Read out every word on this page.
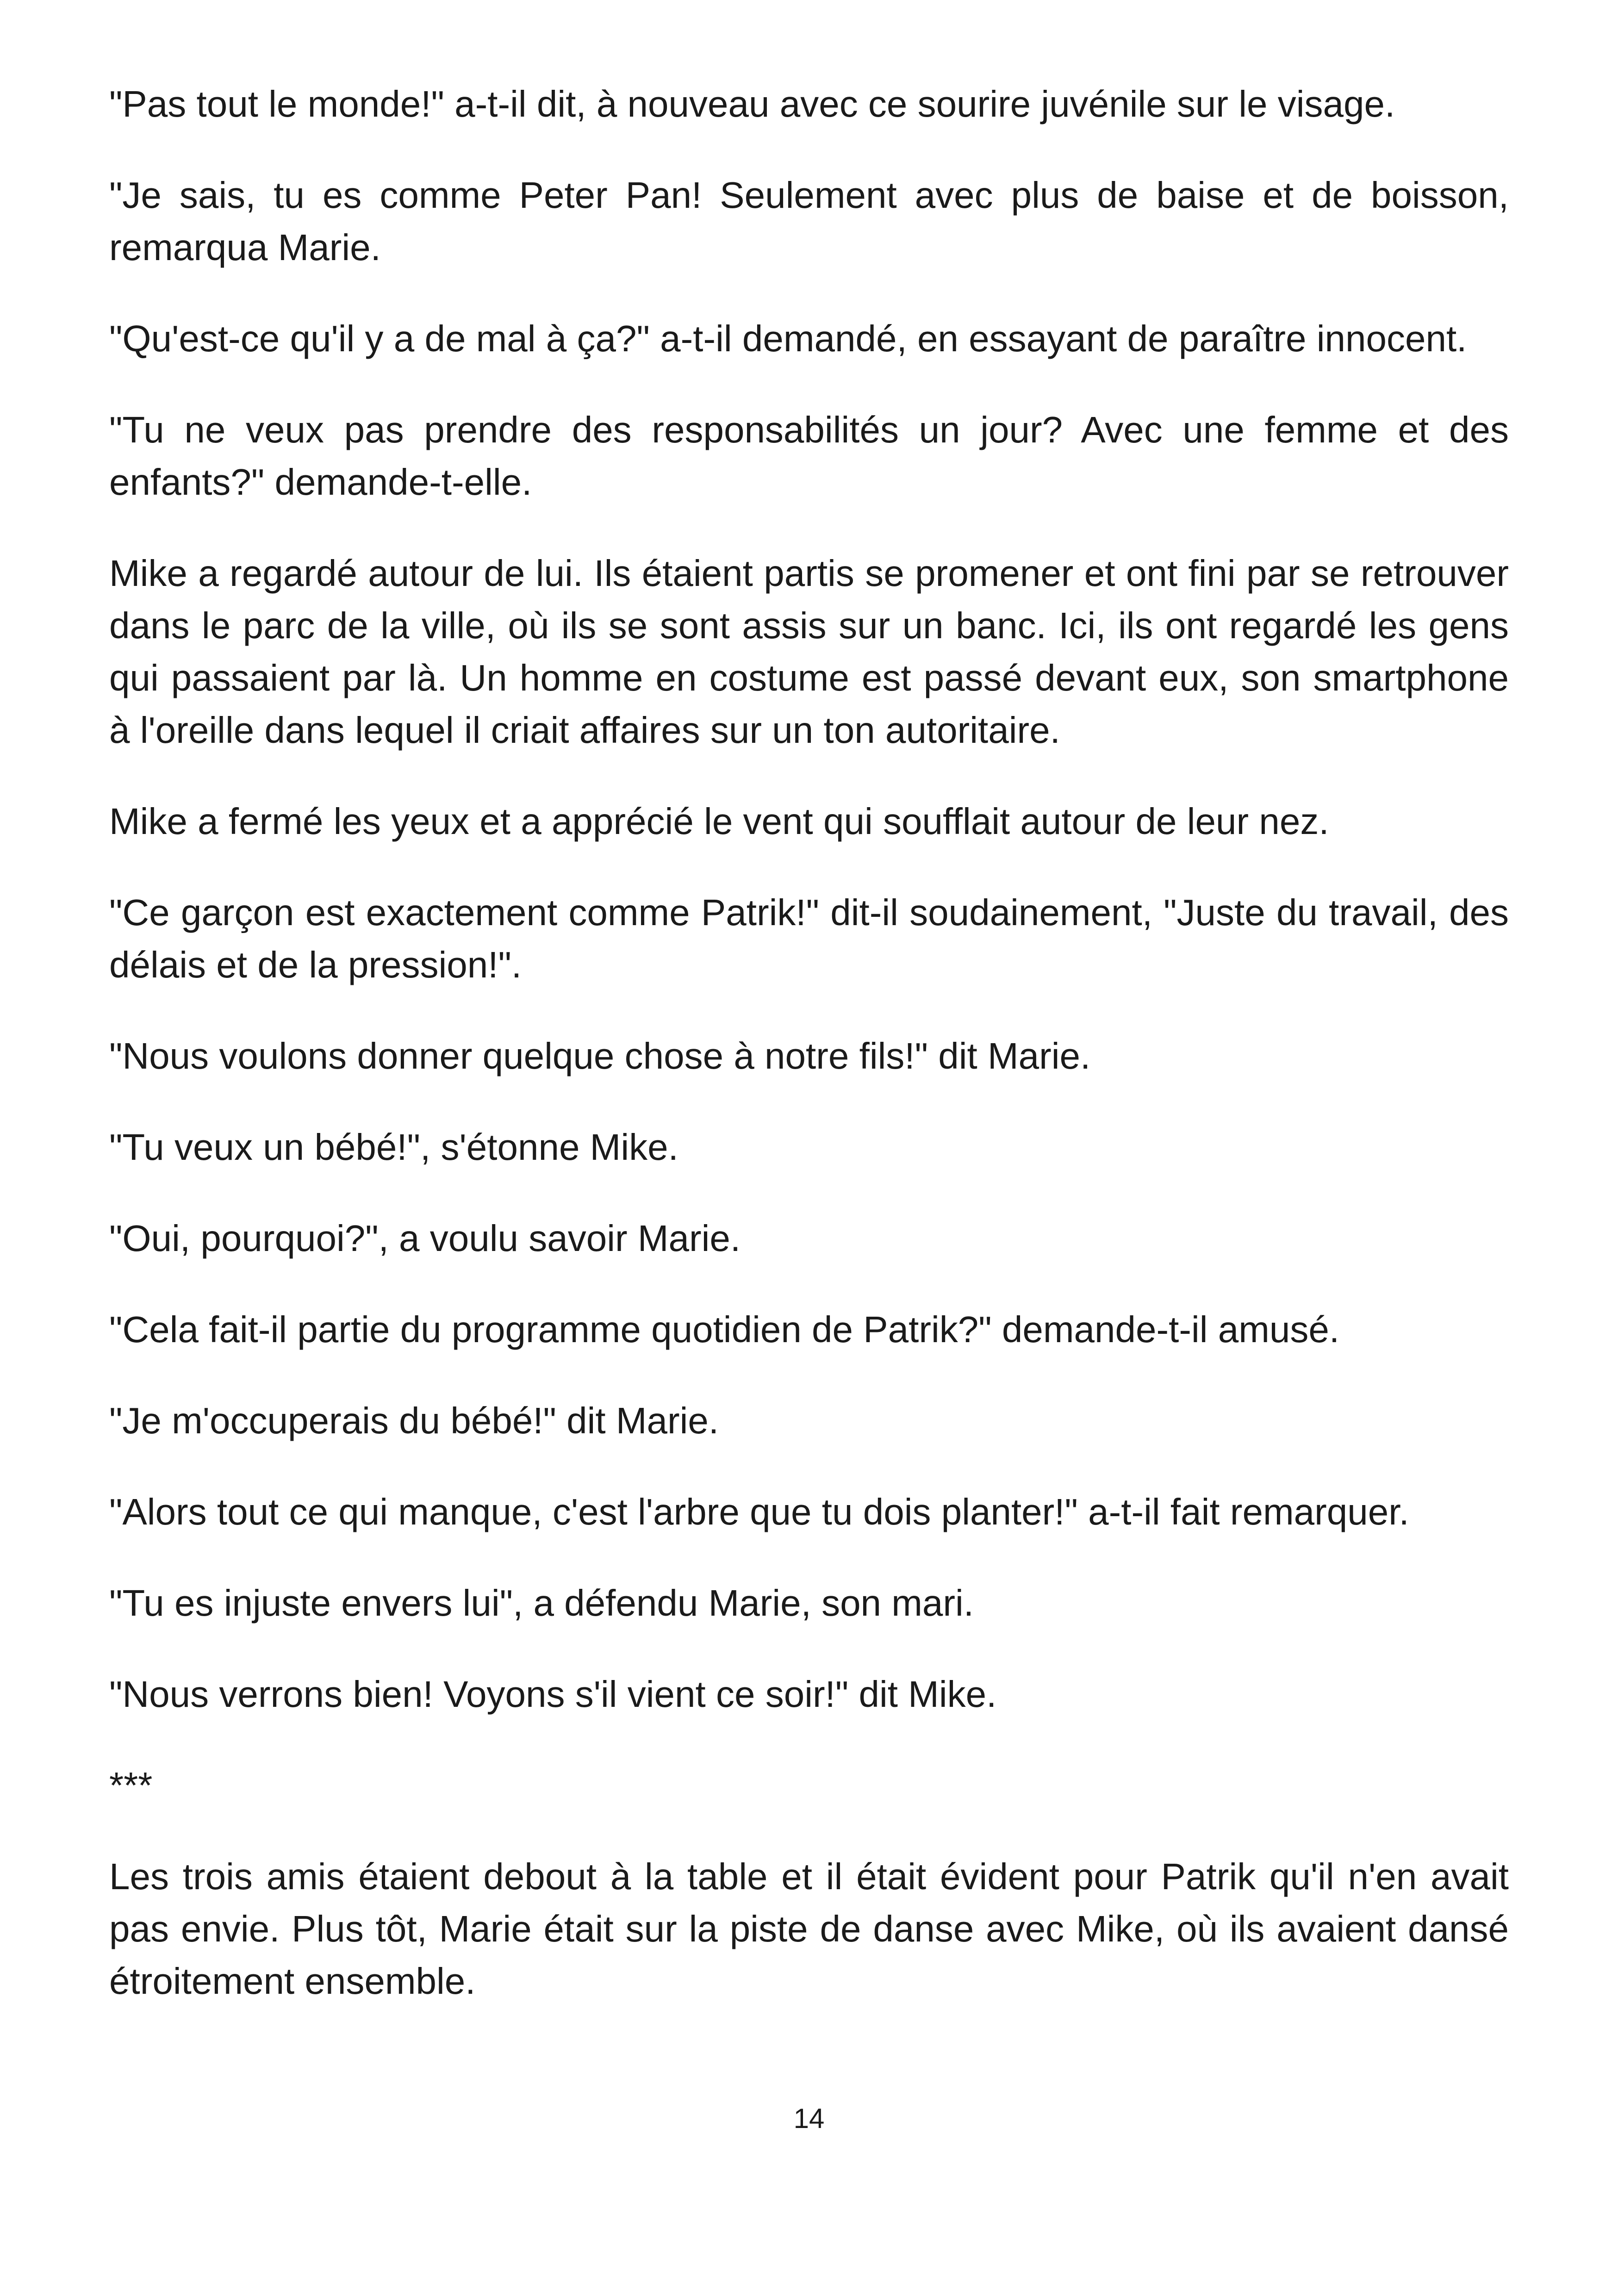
"Pas tout le monde!" a-t-il dit, à nouveau avec ce sourire juvénile sur le visage.

"Je sais, tu es comme Peter Pan! Seulement avec plus de baise et de boisson, remarqua Marie.

"Qu'est-ce qu'il y a de mal à ça?" a-t-il demandé, en essayant de paraître innocent.

"Tu ne veux pas prendre des responsabilités un jour? Avec une femme et des enfants?" demande-t-elle.

Mike a regardé autour de lui. Ils étaient partis se promener et ont fini par se retrouver dans le parc de la ville, où ils se sont assis sur un banc. Ici, ils ont regardé les gens qui passaient par là. Un homme en costume est passé devant eux, son smartphone à l'oreille dans lequel il criait affaires sur un ton autoritaire.

Mike a fermé les yeux et a apprécié le vent qui soufflait autour de leur nez.

"Ce garçon est exactement comme Patrik!" dit-il soudainement, "Juste du travail, des délais et de la pression!".

"Nous voulons donner quelque chose à notre fils!" dit Marie.

"Tu veux un bébé!", s'étonne Mike.

"Oui, pourquoi?", a voulu savoir Marie.

"Cela fait-il partie du programme quotidien de Patrik?" demande-t-il amusé.

"Je m'occuperais du bébé!" dit Marie.

"Alors tout ce qui manque, c'est l'arbre que tu dois planter!" a-t-il fait remarquer.

"Tu es injuste envers lui", a défendu Marie, son mari.

"Nous verrons bien! Voyons s'il vient ce soir!" dit Mike.

***

Les trois amis étaient debout à la table et il était évident pour Patrik qu'il n'en avait pas envie. Plus tôt, Marie était sur la piste de danse avec Mike, où ils avaient dansé étroitement ensemble.

14
